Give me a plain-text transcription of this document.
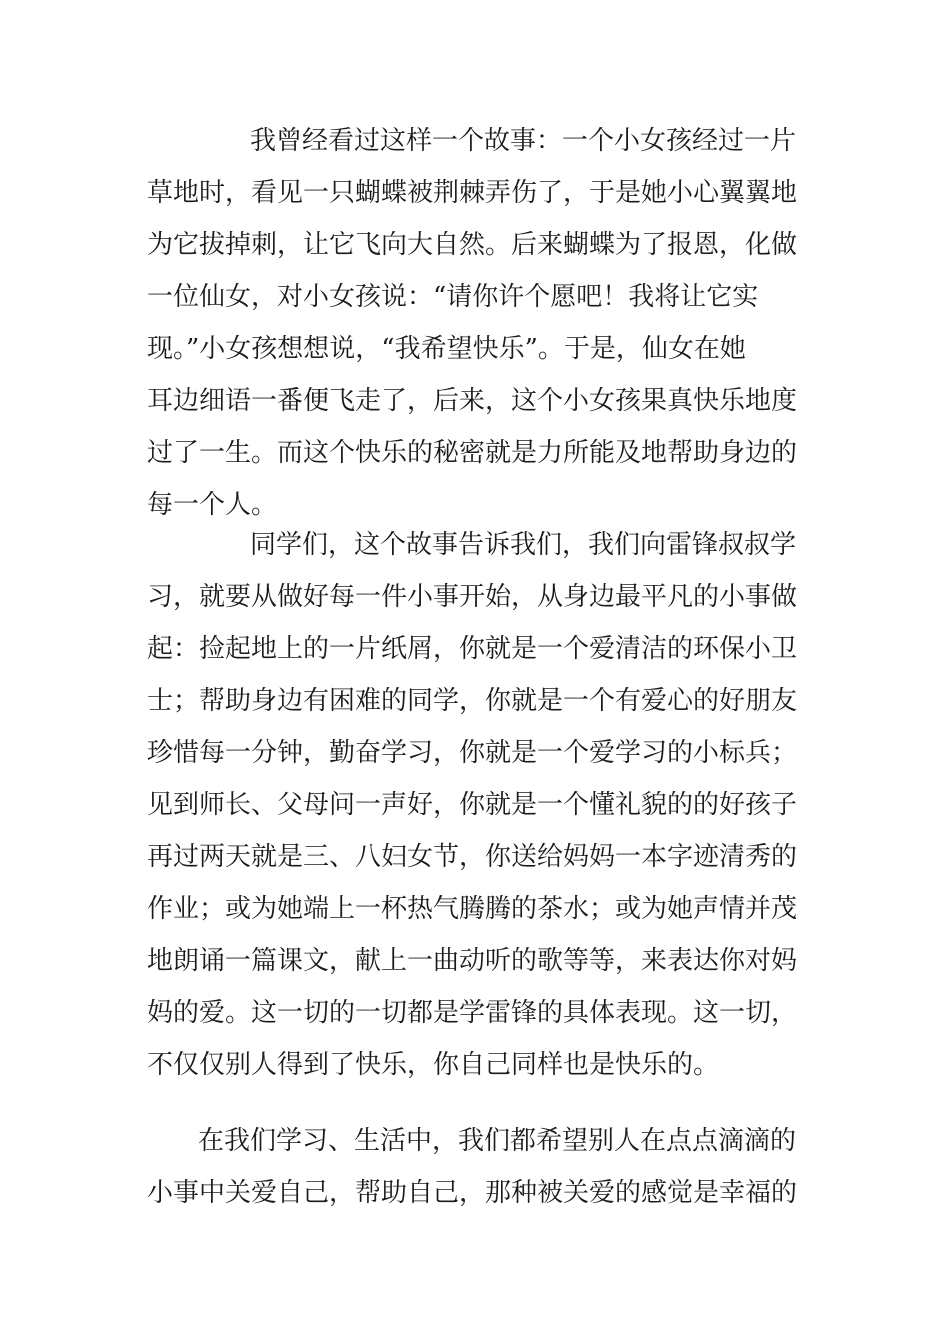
我曾经看过这样一个故事：一个小女孩经过一片
草地时，看见一只蝴蝶被荆棘弄伤了，于是她小心翼翼地
为它拔掉刺，让它飞向大自然。后来蝴蝶为了报恩，化做
一位仙女，对小女孩说：“请你许个愿吧！我将让它实
现。”小女孩想想说，“我希望快乐”。于是，仙女在她
耳边细语一番便飞走了，后来，这个小女孩果真快乐地度
过了一生。而这个快乐的秘密就是力所能及地帮助身边的
每一个人。
同学们，这个故事告诉我们，我们向雷锋叔叔学
习，就要从做好每一件小事开始，从身边最平凡的小事做
起：捡起地上的一片纸屑，你就是一个爱清洁的环保小卫
士；帮助身边有困难的同学，你就是一个有爱心的好朋友
珍惜每一分钟，勤奋学习，你就是一个爱学习的小标兵；
见到师长、父母问一声好，你就是一个懂礼貌的的好孩子
再过两天就是三、八妇女节，你送给妈妈一本字迹清秀的
作业；或为她端上一杯热气腾腾的茶水；或为她声情并茂
地朗诵一篇课文，献上一曲动听的歌等等，来表达你对妈
妈的爱。这一切的一切都是学雷锋的具体表现。这一切，
不仅仅别人得到了快乐，你自己同样也是快乐的。
在我们学习、生活中，我们都希望别人在点点滴滴的
小事中关爱自己，帮助自己，那种被关爱的感觉是幸福的
